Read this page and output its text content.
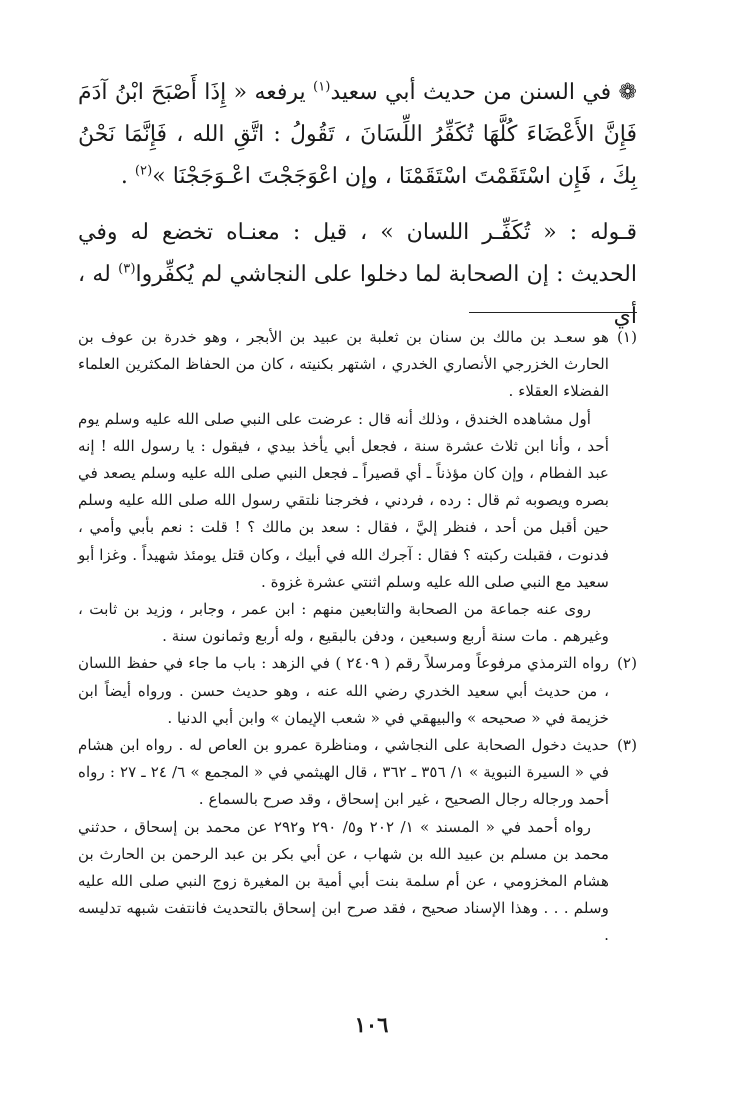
❁ في السنن من حديث أبي سعيد$^{(١)}$ يرفعه « إِذَا أَصْبَحَ ابْنُ آدَمَ فَإِنَّ الأَعْضَاءَ كُلَّهَا تُكَفِّرُ اللِّسَانَ ، تَقُولُ : اتَّقِ الله ، فَإِنَّمَا نَحْنُ بِكَ ، فَإِن اسْتَقَمْتَ اسْتَقَمْنَا ، وإن اعْوَجَجْتَ اعْـوَجَجْنَا »$^{(٢)}$ .

قـوله : « تُكَفِّـر اللسان » ، قيل : معنـاه تخضع له وفي الحديث : إن الصحابة لما دخلوا على النجاشي لم يُكفِّروا$^{(٣)}$ له ، أي

(١)

هو سعـد بن مالك بن سنان بن ثعلبة بن عبيد بن الأبجر ، وهو خدرة بن عوف بن الحارث الخزرجي الأنصاري الخدري ، اشتهر بكنيته ، كان من الحفاظ المكثرين العلماء الفضلاء العقلاء .

أول مشاهده الخندق ، وذلك أنه قال : عرضت على النبي صلى الله عليه وسلم يوم أحد ، وأنا ابن ثلاث عشرة سنة ، فجعل أبي يأخذ بيدي ، فيقول : يا رسول الله ! إنه عبد الفطام ، وإن كان مؤذناً ـ أي قصيراً ـ فجعل النبي صلى الله عليه وسلم يصعد في بصره ويصوبه ثم قال : رده ، فردني ، فخرجنا نلتقي رسول الله صلى الله عليه وسلم حين أقبل من أحد ، فنظر إليَّ ، فقال : سعد بن مالك ؟ ! قلت : نعم بأبي وأمي ، فدنوت ، فقبلت ركبته ؟ فقال : آجرك الله في أبيك ، وكان قتل يومئذ شهيداً . وغزا أبو سعيد مع النبي صلى الله عليه وسلم اثنتي عشرة غزوة .

روى عنه جماعة من الصحابة والتابعين منهم : ابن عمر ، وجابر ، وزيد بن ثابت ، وغيرهم . مات سنة أربع وسبعين ، ودفن بالبقيع ، وله أربع وثمانون سنة .

(٢)

رواه الترمذي مرفوعاً ومرسلاً رقم ( ٢٤٠٩ ) في الزهد : باب ما جاء في حفظ اللسان ، من حديث أبي سعيد الخدري رضي الله عنه ، وهو حديث حسن . ورواه أيضاً ابن خزيمة في « صحيحه » والبيهقي في « شعب الإيمان » وابن أبي الدنيا .

(٣)

حديث دخول الصحابة على النجاشي ، ومناظرة عمرو بن العاص له . رواه ابن هشام في « السيرة النبوية » ١/ ٣٥٦ ـ ٣٦٢ ، قال الهيثمي في « المجمع » ٦/ ٢٤ ـ ٢٧ : رواه أحمد ورجاله رجال الصحيح ، غير ابن إسحاق ، وقد صرح بالسماع .

رواه أحمد في « المسند » ١/ ٢٠٢ و٥/ ٢٩٠ و٢٩٢ عن محمد بن إسحاق ، حدثني محمد بن مسلم بن عبيد الله بن شهاب ، عن أبي بكر بن عبد الرحمن بن الحارث بن هشام المخزومي ، عن أم سلمة بنت أبي أمية بن المغيرة زوج النبي صلى الله عليه وسلم . . . وهذا الإسناد صحيح ، فقد صرح ابن إسحاق بالتحديث فانتفت شبهه تدليسه .

١٠٦
